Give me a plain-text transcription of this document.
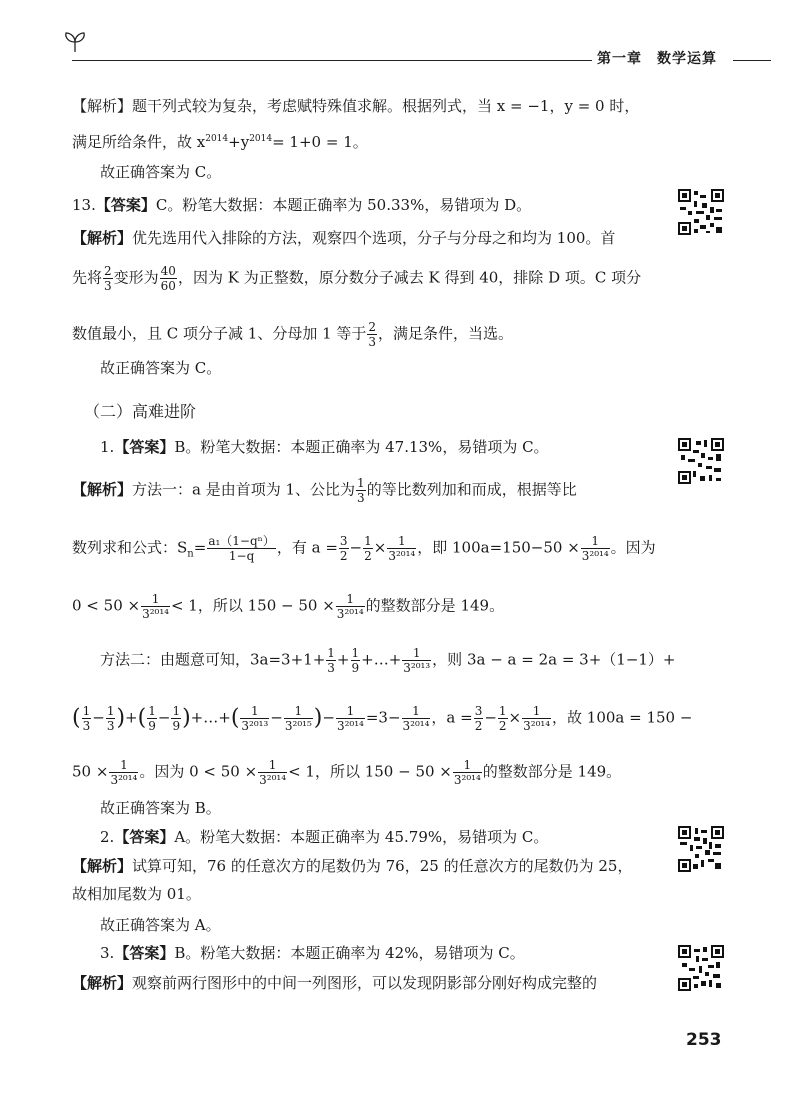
第一章　数学运算
【解析】题干列式较为复杂，考虑赋特殊值求解。根据列式，当 x = −1，y = 0 时，
满足所给条件，故 $x^{2014}+y^{2014}= 1+0 = 1$。
故正确答案为 C。
13.【答案】C。粉笔大数据：本题正确率为 50.33%，易错项为 D。
【解析】优先选用代入排除的方法，观察四个选项，分子与分母之和均为 100。首
先将 $\frac{2}{3}$ 变形为 $\frac{40}{60}$ ，因为 K 为正整数，原分数分子减去 K 得到 40，排除 D 项。C 项分
数值最小，且 C 项分子减 1、分母加 1 等于 $\frac{2}{3}$ ，满足条件，当选。
故正确答案为 C。
（二）高难进阶
1.【答案】B。粉笔大数据：本题正确率为 47.13%，易错项为 C。
【解析】方法一：a 是由首项为 1、公比为 $\frac{1}{3}$ 的等比数列加和而成，根据等比
数列求和公式：$S_n= \frac{\text{a₁（1−qⁿ）}}{1-q}$ ，有 $a = \frac{3}{2} - \frac{1}{2} \times \frac{1}{\text{3²⁰¹⁴}}$ ，即 $100a=150-50 \times \frac{1}{\text{3²⁰¹⁴}}$ 。因为
$0 < 50 \times \frac{1}{\text{3²⁰¹⁴}} < 1$，所以 $150 - 50 \times \frac{1}{\text{3²⁰¹⁴}}$ 的整数部分是 149。
方法二：由题意可知，$3a=3+1+ \frac{1}{3} + \frac{1}{9}$ +…+ $\frac{1}{\text{3²⁰¹³}}$ ，则 3a − a = 2a = 3+（1−1）+
( $\frac{1}{3} - \frac{1}{3}$ )+( $\frac{1}{9} - \frac{1}{9}$ )+…+( $\frac{1}{\text{3²⁰¹³}} - \frac{1}{\text{3²⁰¹⁵}}$ )− $\frac{1}{\text{3²⁰¹⁴}} =3- \frac{1}{\text{3²⁰¹⁴}}$ ，$a = \frac{3}{2} - \frac{1}{2} \times \frac{1}{\text{3²⁰¹⁴}}$ ，故 100a = 150 −
$50 \times \frac{1}{\text{3²⁰¹⁴}}$ 。因为 $0 < 50 \times \frac{1}{\text{3²⁰¹⁴}} < 1$，所以 $150 - 50 \times \frac{1}{\text{3²⁰¹⁴}}$ 的整数部分是 149。
故正确答案为 B。
2.【答案】A。粉笔大数据：本题正确率为 45.79%，易错项为 C。
【解析】试算可知，76 的任意次方的尾数仍为 76，25 的任意次方的尾数仍为 25，
故相加尾数为 01。
故正确答案为 A。
3.【答案】B。粉笔大数据：本题正确率为 42%，易错项为 C。
【解析】观察前两行图形中的中间一列图形，可以发现阴影部分刚好构成完整的
253
